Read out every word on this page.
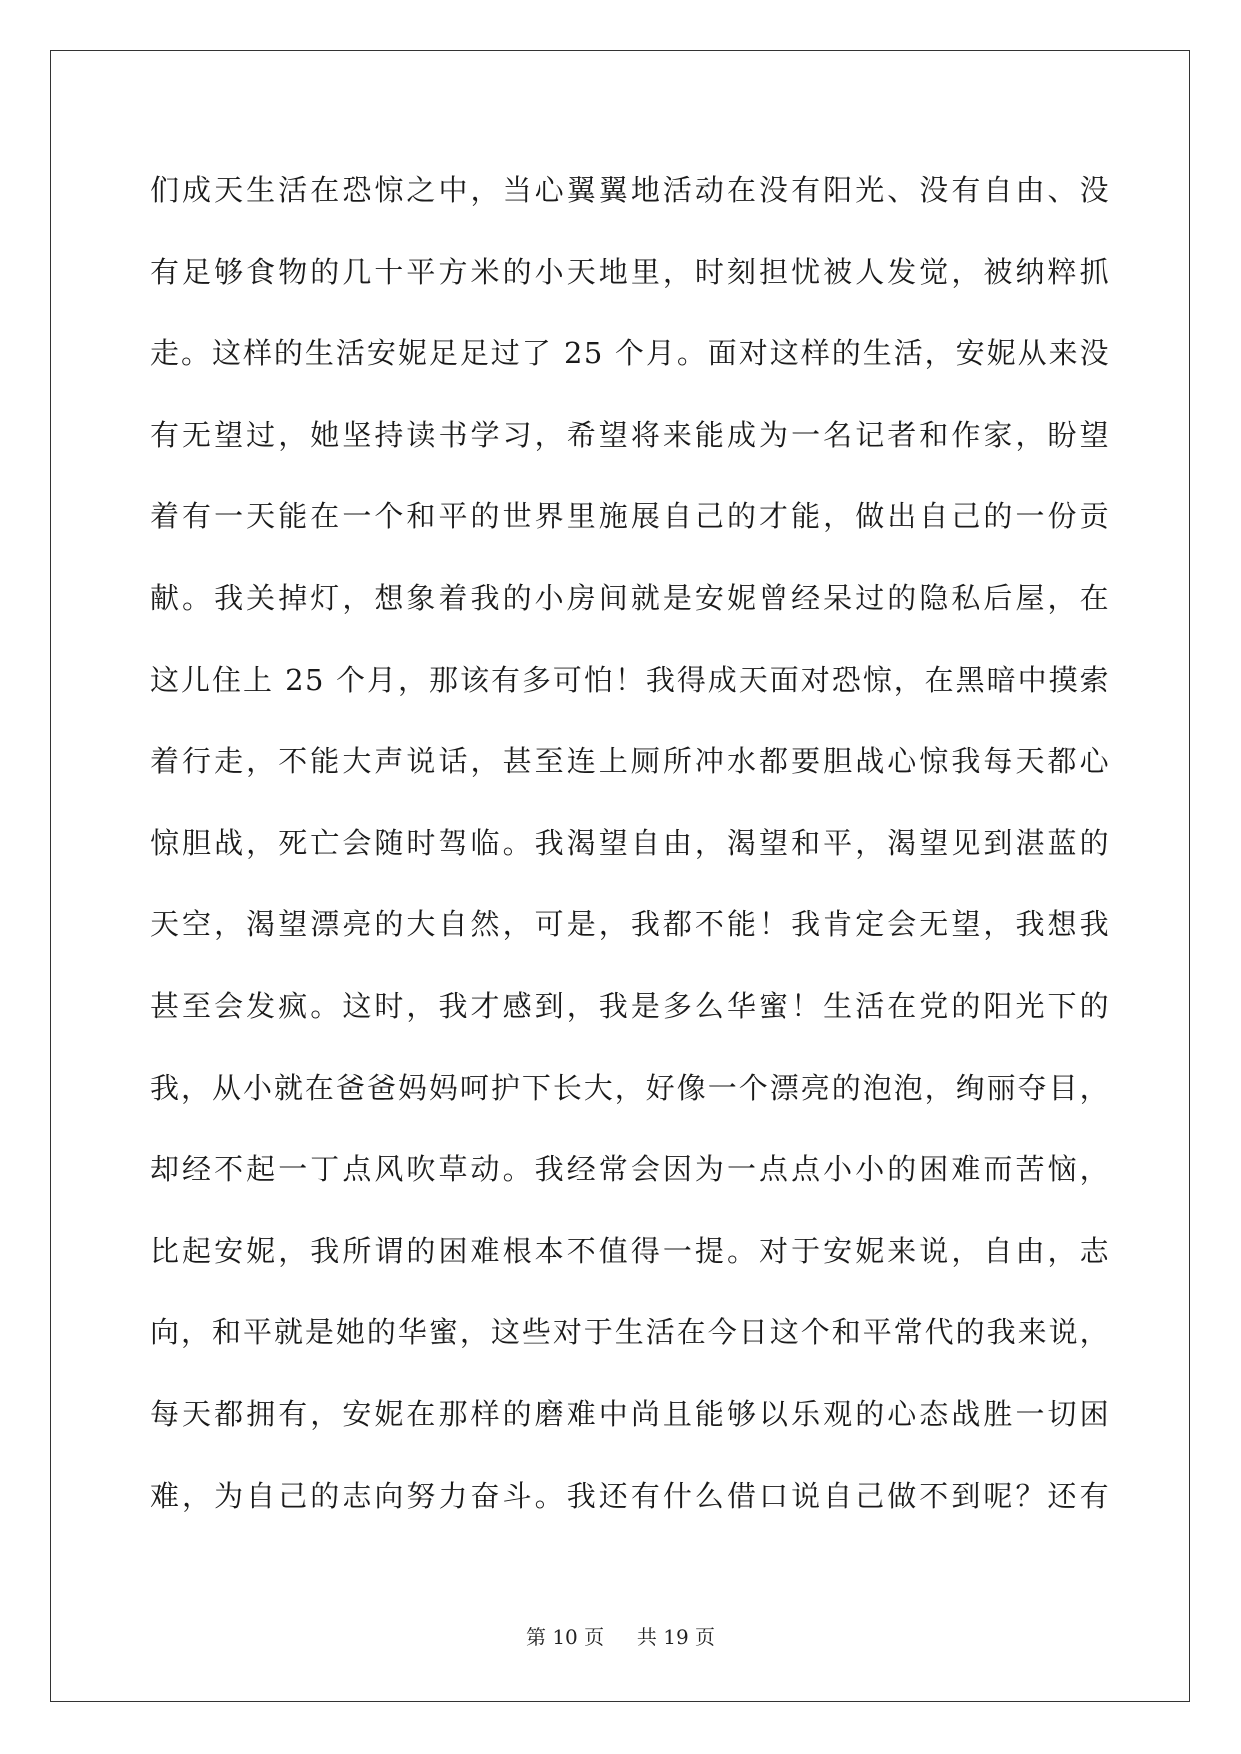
们成天生活在恐惊之中，当心翼翼地活动在没有阳光、没有自由、没
有足够食物的几十平方米的小天地里，时刻担忧被人发觉，被纳粹抓
走。这样的生活安妮足足过了 25 个月。面对这样的生活，安妮从来没
有无望过，她坚持读书学习，希望将来能成为一名记者和作家，盼望
着有一天能在一个和平的世界里施展自己的才能，做出自己的一份贡
献。我关掉灯，想象着我的小房间就是安妮曾经呆过的隐私后屋，在
这儿住上 25 个月，那该有多可怕！我得成天面对恐惊，在黑暗中摸索
着行走，不能大声说话，甚至连上厕所冲水都要胆战心惊我每天都心
惊胆战，死亡会随时驾临。我渴望自由，渴望和平，渴望见到湛蓝的
天空，渴望漂亮的大自然，可是，我都不能！我肯定会无望，我想我
甚至会发疯。这时，我才感到，我是多么华蜜！生活在党的阳光下的
我，从小就在爸爸妈妈呵护下长大，好像一个漂亮的泡泡，绚丽夺目，
却经不起一丁点风吹草动。我经常会因为一点点小小的困难而苦恼，
比起安妮，我所谓的困难根本不值得一提。对于安妮来说，自由，志
向，和平就是她的华蜜，这些对于生活在今日这个和平常代的我来说，
每天都拥有，安妮在那样的磨难中尚且能够以乐观的心态战胜一切困
难，为自己的志向努力奋斗。我还有什么借口说自己做不到呢？还有
第 10 页 共 19 页
